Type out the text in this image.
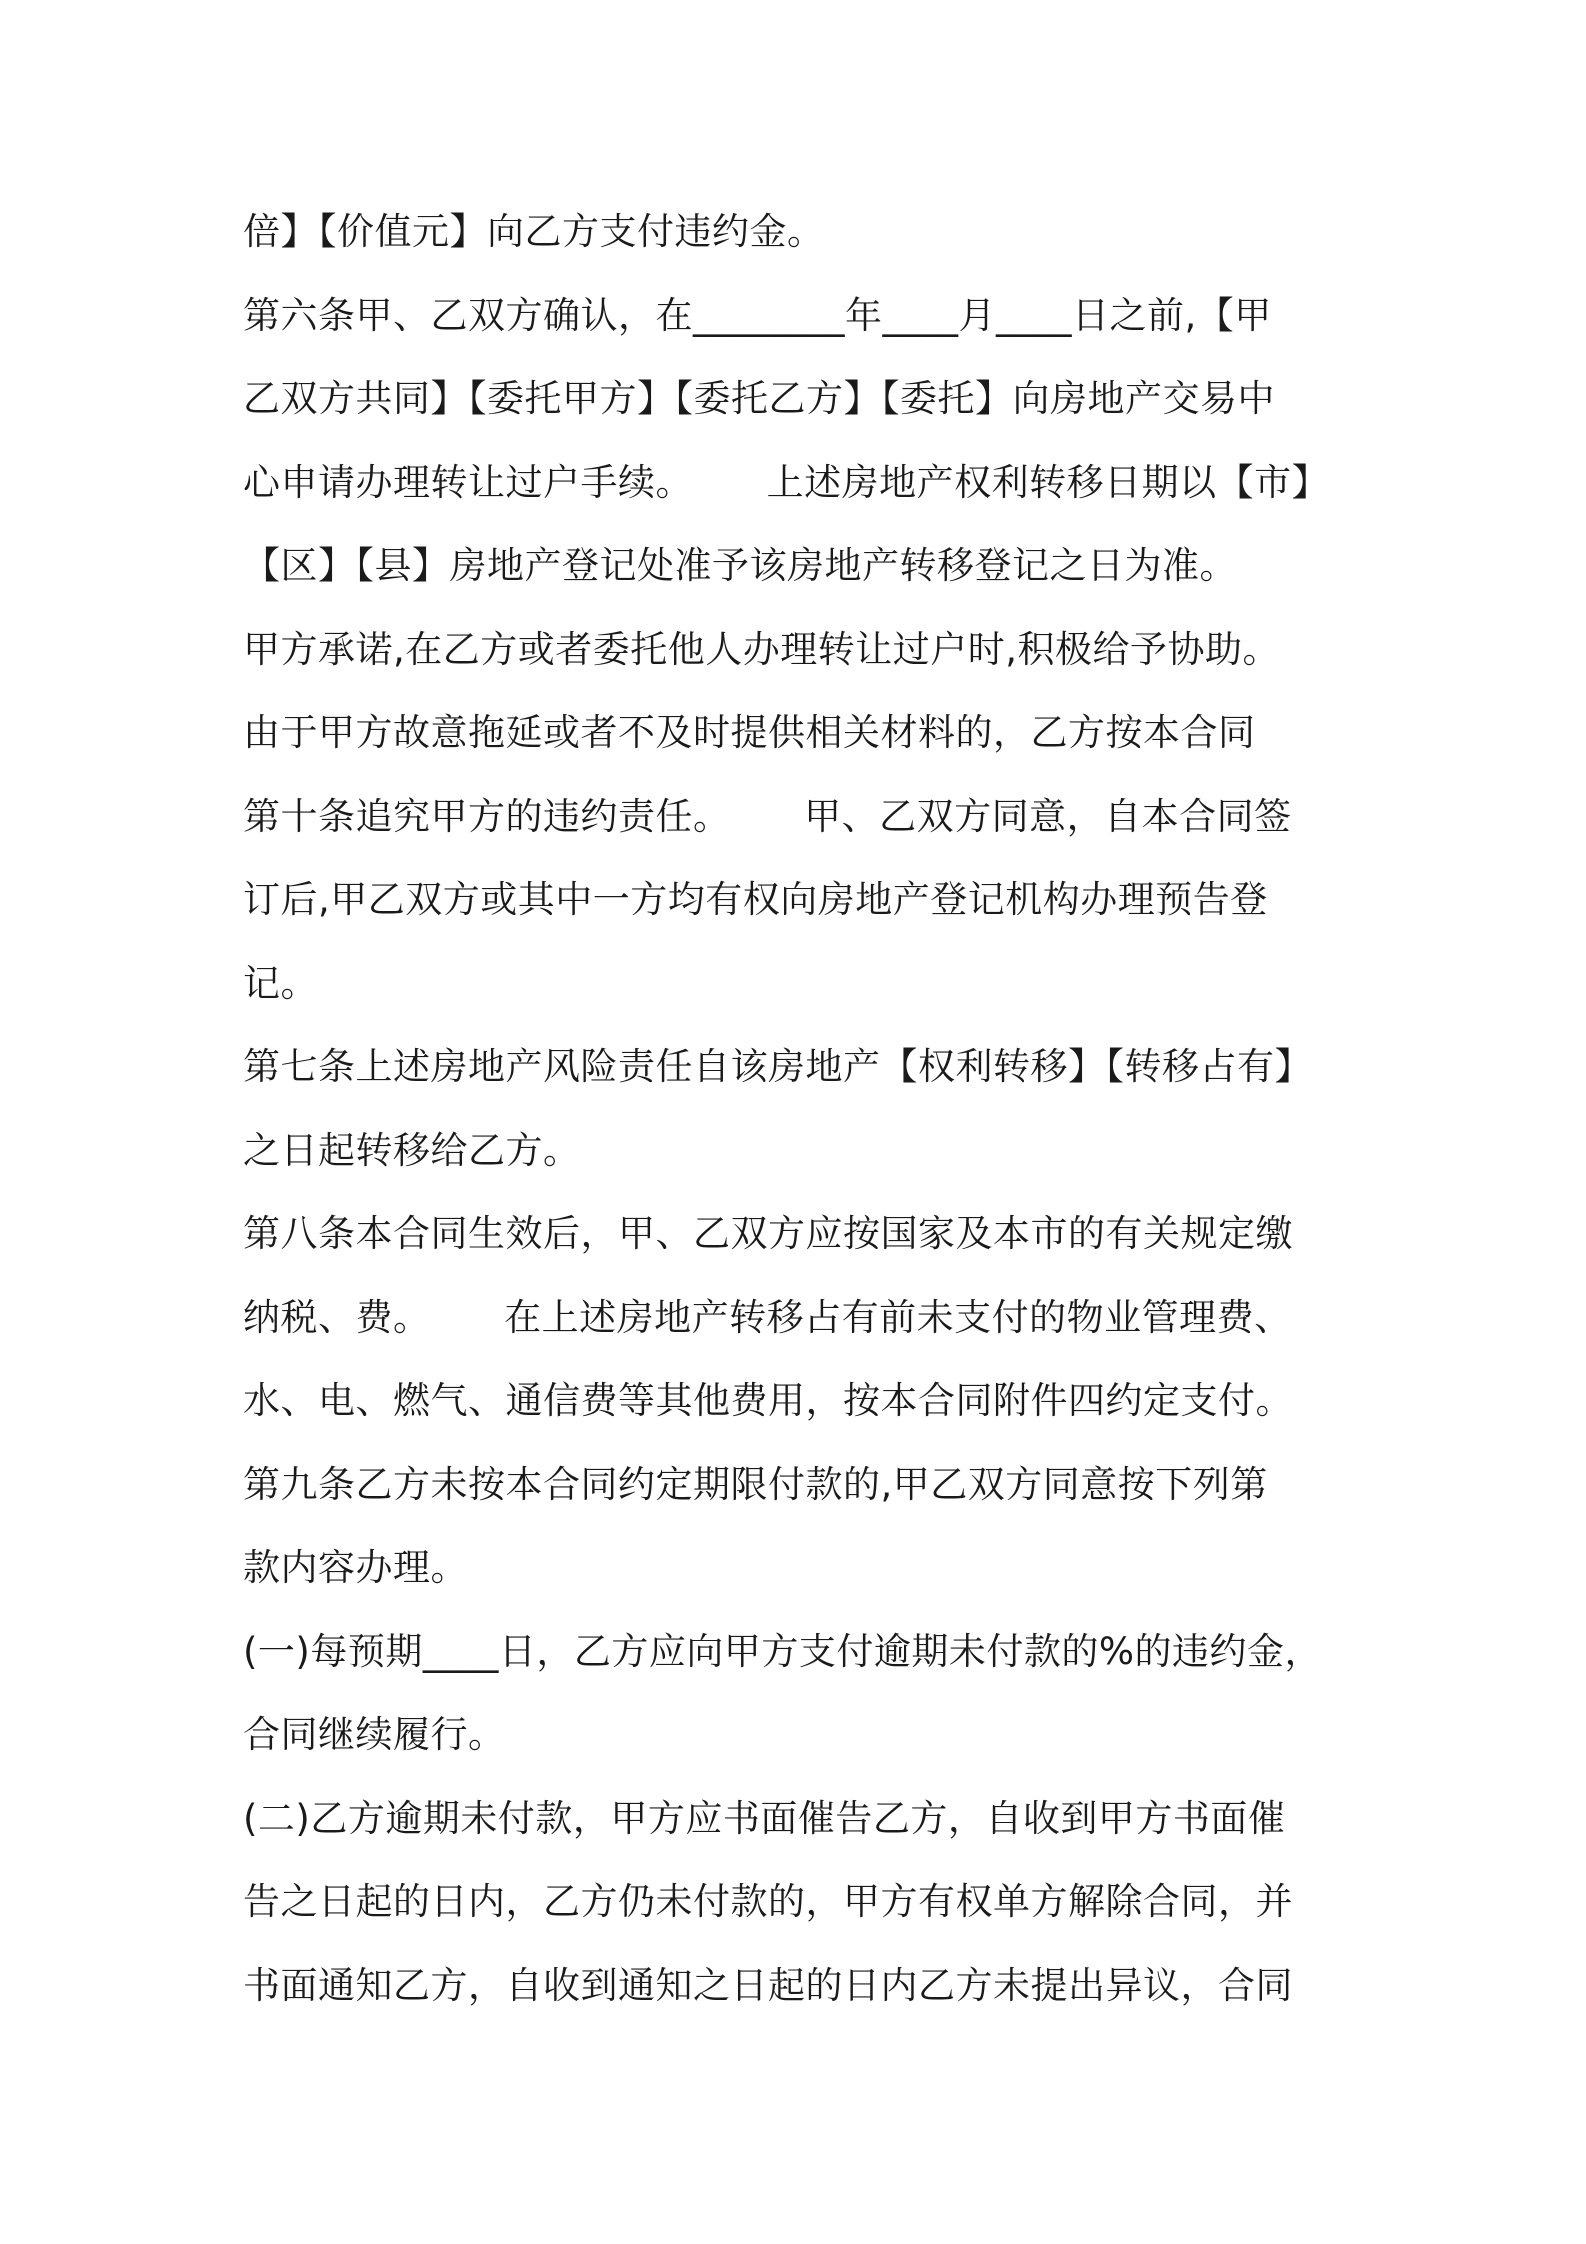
倍】【价值元】向乙方支付违约金。
第六条甲、乙双方确认，在________年____月____日之前,【甲
乙双方共同】【委托甲方】【委托乙方】【委托】向房地产交易中
心申请办理转让过户手续。      上述房地产权利转移日期以【市】
【区】【县】房地产登记处准予该房地产转移登记之日为准。
甲方承诺,在乙方或者委托他人办理转让过户时,积极给予协助。
由于甲方故意拖延或者不及时提供相关材料的，乙方按本合同
第十条追究甲方的违约责任。      甲、乙双方同意，自本合同签
订后,甲乙双方或其中一方均有权向房地产登记机构办理预告登
记。
第七条上述房地产风险责任自该房地产【权利转移】【转移占有】
之日起转移给乙方。
第八条本合同生效后，甲、乙双方应按国家及本市的有关规定缴
纳税、费。      在上述房地产转移占有前未支付的物业管理费、
水、电、燃气、通信费等其他费用，按本合同附件四约定支付。
第九条乙方未按本合同约定期限付款的,甲乙双方同意按下列第
款内容办理。
(一)每预期____日，乙方应向甲方支付逾期未付款的%的违约金，
合同继续履行。
(二)乙方逾期未付款，甲方应书面催告乙方，自收到甲方书面催
告之日起的日内，乙方仍未付款的，甲方有权单方解除合同，并
书面通知乙方，自收到通知之日起的日内乙方未提出异议，合同
